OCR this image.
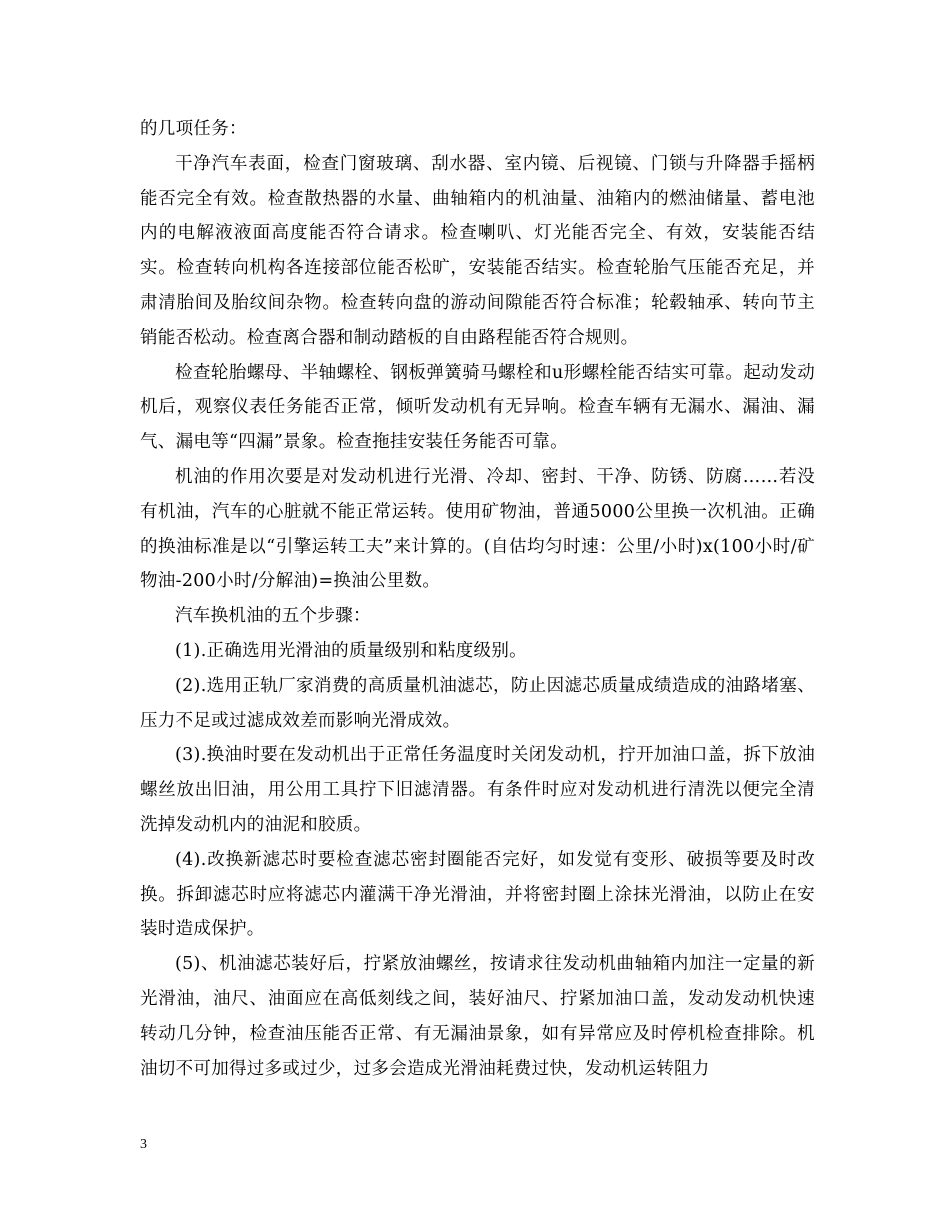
的几项任务：

干净汽车表面，检查门窗玻璃、刮水器、室内镜、后视镜、门锁与升降器手摇柄能否完全有效。检查散热器的水量、曲轴箱内的机油量、油箱内的燃油储量、蓄电池内的电解液液面高度能否符合请求。检查喇叭、灯光能否完全、有效，安装能否结实。检查转向机构各连接部位能否松旷，安装能否结实。检查轮胎气压能否充足，并肃清胎间及胎纹间杂物。检查转向盘的游动间隙能否符合标准；轮毂轴承、转向节主销能否松动。检查离合器和制动踏板的自由路程能否符合规则。

检查轮胎螺母、半轴螺栓、钢板弹簧骑马螺栓和u形螺栓能否结实可靠。起动发动机后，观察仪表任务能否正常，倾听发动机有无异响。检查车辆有无漏水、漏油、漏气、漏电等“四漏”景象。检查拖挂安装任务能否可靠。

机油的作用次要是对发动机进行光滑、冷却、密封、干净、防锈、防腐……若没有机油，汽车的心脏就不能正常运转。使用矿物油，普通5000公里换一次机油。正确的换油标准是以“引擎运转工夫”来计算的。(自估均匀时速：公里/小时)x(100小时/矿物油-200小时/分解油)=换油公里数。

汽车换机油的五个步骤：

(1).正确选用光滑油的质量级别和粘度级别。

(2).选用正轨厂家消费的高质量机油滤芯，防止因滤芯质量成绩造成的油路堵塞、压力不足或过滤成效差而影响光滑成效。

(3).换油时要在发动机出于正常任务温度时关闭发动机，拧开加油口盖，拆下放油螺丝放出旧油，用公用工具拧下旧滤清器。有条件时应对发动机进行清洗以便完全清洗掉发动机内的油泥和胶质。

(4).改换新滤芯时要检查滤芯密封圈能否完好，如发觉有变形、破损等要及时改换。拆卸滤芯时应将滤芯内灌满干净光滑油，并将密封圈上涂抹光滑油，以防止在安装时造成保护。

(5)、机油滤芯装好后，拧紧放油螺丝，按请求往发动机曲轴箱内加注一定量的新光滑油，油尺、油面应在高低刻线之间，装好油尺、拧紧加油口盖，发动发动机快速转动几分钟，检查油压能否正常、有无漏油景象，如有异常应及时停机检查排除。机油切不可加得过多或过少，过多会造成光滑油耗费过快，发动机运转阻力

3
